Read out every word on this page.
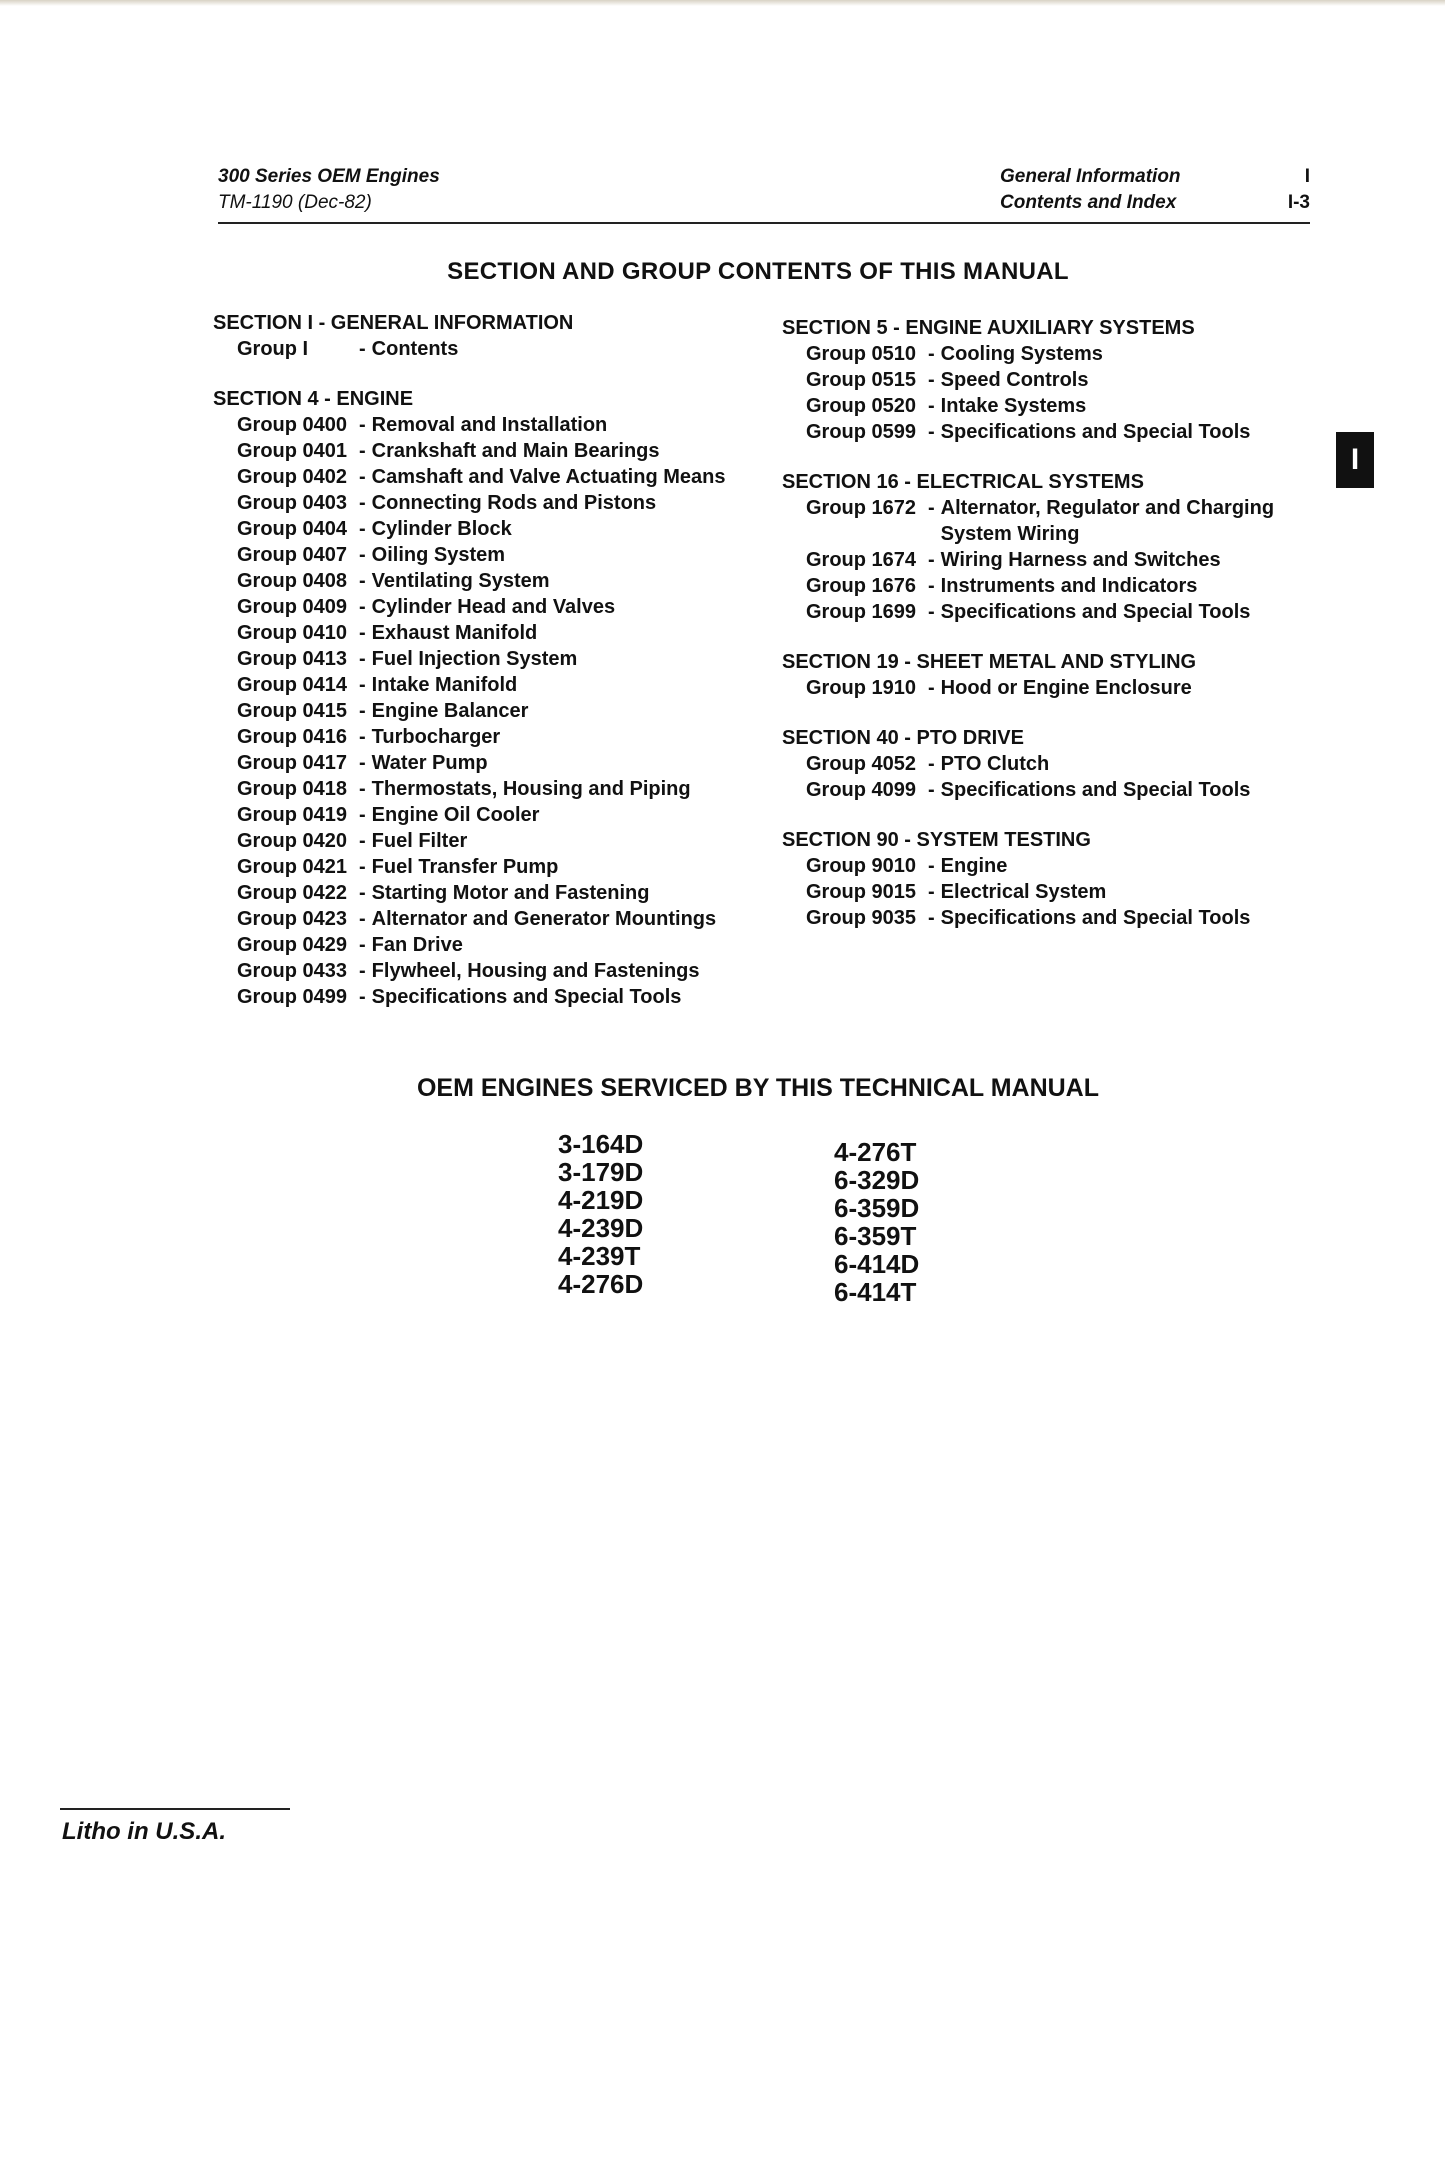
300 Series OEM Engines
TM-1190 (Dec-82)
General Information
Contents and Index
I
I-3
SECTION AND GROUP CONTENTS OF THIS MANUAL
SECTION I - GENERAL INFORMATION
Group I	- Contents
SECTION 4 - ENGINE
Group 0400 - Removal and Installation
Group 0401 - Crankshaft and Main Bearings
Group 0402 - Camshaft and Valve Actuating Means
Group 0403 - Connecting Rods and Pistons
Group 0404 - Cylinder Block
Group 0407 - Oiling System
Group 0408 - Ventilating System
Group 0409 - Cylinder Head and Valves
Group 0410 - Exhaust Manifold
Group 0413 - Fuel Injection System
Group 0414 - Intake Manifold
Group 0415 - Engine Balancer
Group 0416 - Turbocharger
Group 0417 - Water Pump
Group 0418 - Thermostats, Housing and Piping
Group 0419 - Engine Oil Cooler
Group 0420 - Fuel Filter
Group 0421 - Fuel Transfer Pump
Group 0422 - Starting Motor and Fastening
Group 0423 - Alternator and Generator Mountings
Group 0429 - Fan Drive
Group 0433 - Flywheel, Housing and Fastenings
Group 0499 - Specifications and Special Tools
SECTION 5 - ENGINE AUXILIARY SYSTEMS
Group 0510 - Cooling Systems
Group 0515 - Speed Controls
Group 0520 - Intake Systems
Group 0599 - Specifications and Special Tools
SECTION 16 - ELECTRICAL SYSTEMS
Group 1672 - Alternator, Regulator and Charging System Wiring
Group 1674 - Wiring Harness and Switches
Group 1676 - Instruments and Indicators
Group 1699 - Specifications and Special Tools
SECTION 19 - SHEET METAL AND STYLING
Group 1910 - Hood or Engine Enclosure
SECTION 40 - PTO DRIVE
Group 4052 - PTO Clutch
Group 4099 - Specifications and Special Tools
SECTION 90 - SYSTEM TESTING
Group 9010 - Engine
Group 9015 - Electrical System
Group 9035 - Specifications and Special Tools
I
OEM ENGINES SERVICED BY THIS TECHNICAL MANUAL
3-164D
3-179D
4-219D
4-239D
4-239T
4-276D
4-276T
6-329D
6-359D
6-359T
6-414D
6-414T
Litho in U.S.A.
